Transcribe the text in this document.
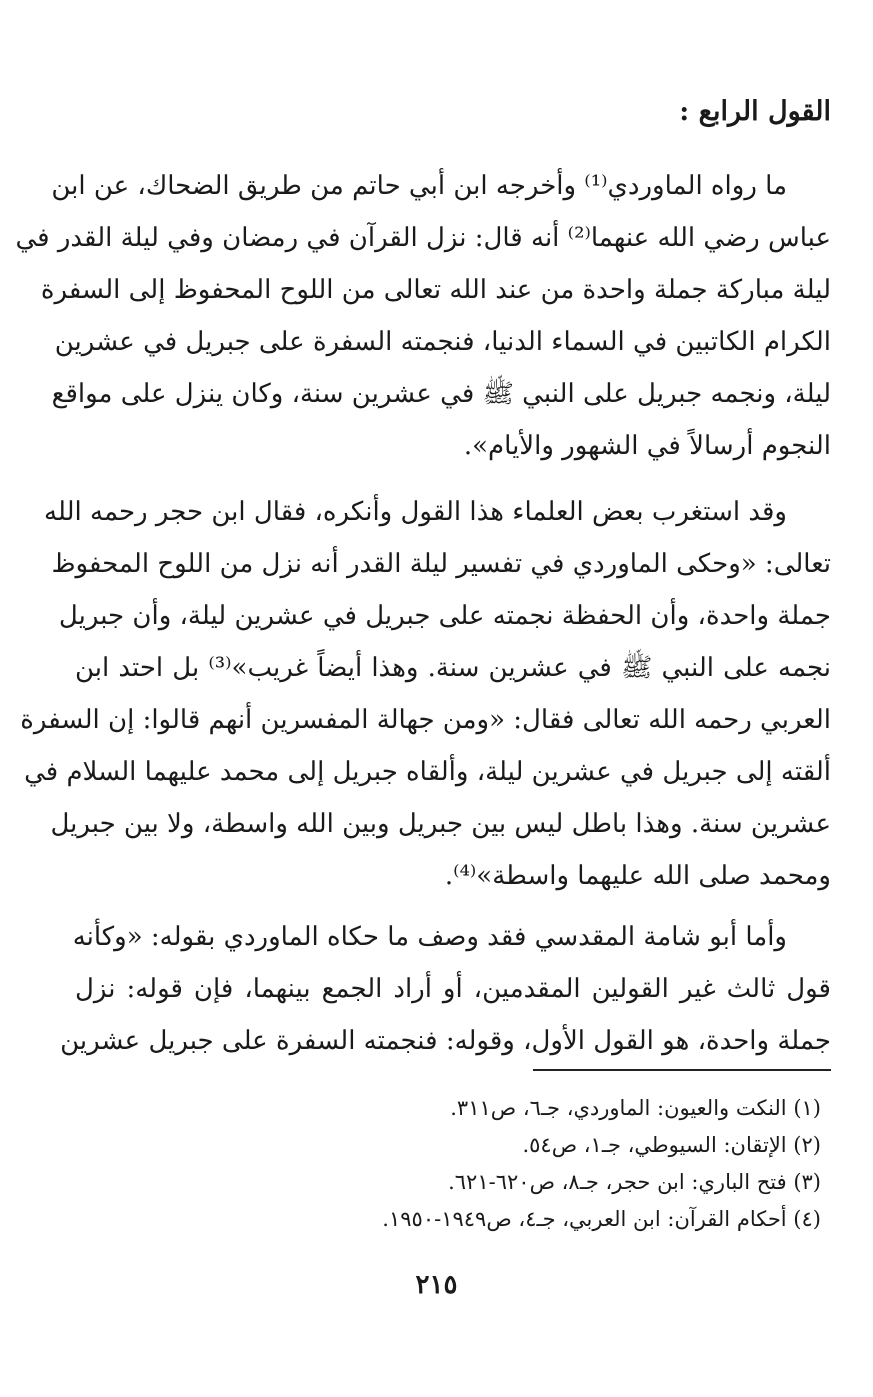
القول الرابع :
ما رواه الماوردي⁽¹⁾ وأخرجه ابن أبي حاتم من طريق الضحاك، عن ابن
عباس رضي الله عنهما⁽²⁾ أنه قال: نزل القرآن في رمضان وفي ليلة القدر في
ليلة مباركة جملة واحدة من عند الله تعالى من اللوح المحفوظ إلى السفرة
الكرام الكاتبين في السماء الدنيا، فنجمته السفرة على جبريل في عشرين
ليلة، ونجمه جبريل على النبي ﷺ في عشرين سنة، وكان ينزل على مواقع
النجوم أرسالاً في الشهور والأيام».
وقد استغرب بعض العلماء هذا القول وأنكره، فقال ابن حجر رحمه الله
تعالى: «وحكى الماوردي في تفسير ليلة القدر أنه نزل من اللوح المحفوظ
جملة واحدة، وأن الحفظة نجمته على جبريل في عشرين ليلة، وأن جبريل
نجمه على النبي ﷺ في عشرين سنة. وهذا أيضاً غريب»⁽³⁾ بل احتد ابن
العربي رحمه الله تعالى فقال: «ومن جهالة المفسرين أنهم قالوا: إن السفرة
ألقته إلى جبريل في عشرين ليلة، وألقاه جبريل إلى محمد عليهما السلام في
عشرين سنة. وهذا باطل ليس بين جبريل وبين الله واسطة، ولا بين جبريل
ومحمد صلى الله عليهما واسطة»⁽⁴⁾.
وأما أبو شامة المقدسي فقد وصف ما حكاه الماوردي بقوله: «وكأنه
قول ثالث غير القولين المقدمين، أو أراد الجمع بينهما، فإن قوله: نزل
جملة واحدة، هو القول الأول، وقوله: فنجمته السفرة على جبريل عشرين
(١) النكت والعيون: الماوردي، جـ٦، ص٣١١.
(٢) الإتقان: السيوطي، جـ١، ص٥٤.
(٣) فتح الباري: ابن حجر، جـ٨، ص٦٢٠-٦٢١.
(٤) أحكام القرآن: ابن العربي، جـ٤، ص١٩٤٩-١٩٥٠.
٢١٥
